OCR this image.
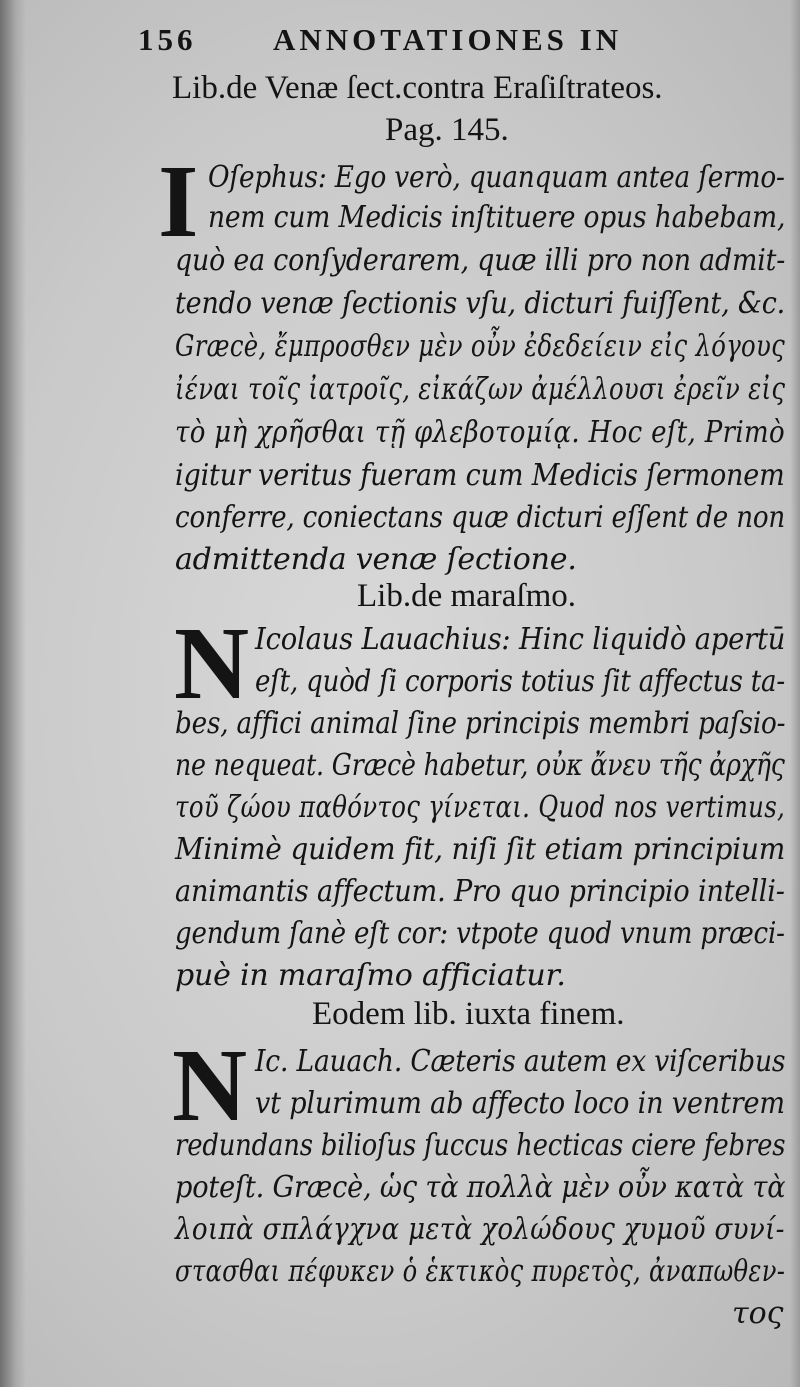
156 ANNOTATIONES IN
Lib.de Venæ ſect.contra Eraſiſtrateos.
Pag. 145.
I Oſephus: Ego verò, quanquam antea ſermo-
nem cum Medicis inſtituere opus habebam,
quò ea conſyderarem, quæ illi pro non admit-
tendo venæ ſectionis vſu, dicturi fuiſſent, &c.
Græcè, ἔμπροσθεν μὲν οὖν ἐδεδείειν εἰς λόγους
ἰέναι τοῖς ἰατροῖς, εἰκάζων ἀμέλλουσι ἐρεῖν εἰς
τὸ μὴ χρῆσθαι τῇ φλεβοτομίᾳ. Hoc eſt, Primò
igitur veritus fueram cum Medicis ſermonem
conferre, coniectans quæ dicturi eſſent de non
admittenda venæ ſectione.
Lib.de maraſmo.
N Icolaus Lauachius: Hinc liquidò apertū
eſt, quòd ſi corporis totius ſit affectus ta-
bes, affici animal ſine principis membri paſsio-
ne nequeat. Græcè habetur, οὐκ ἄνευ τῆς ἀρχῆς
τοῦ ζώου παθόντος γίνεται. Quod nos vertimus,
Minimè quidem fit, niſi ſit etiam principium
animantis affectum. Pro quo principio intelli-
gendum ſanè eſt cor: vtpote quod vnum præci-
puè in maraſmo afficiatur.
Eodem lib. iuxta finem.
N Ic. Lauach. Cæteris autem ex viſceribus
vt plurimum ab affecto loco in ventrem
redundans bilioſus ſuccus hecticas ciere febres
poteſt. Græcè, ὡς τὰ πολλὰ μὲν οὖν κατὰ τὰ
λοιπὰ σπλάγχνα μετὰ χολώδους χυμοῦ συνί-
στασθαι πέφυκεν ὁ ἑκτικὸς πυρετὸς, ἀναπωθεν-
τος
